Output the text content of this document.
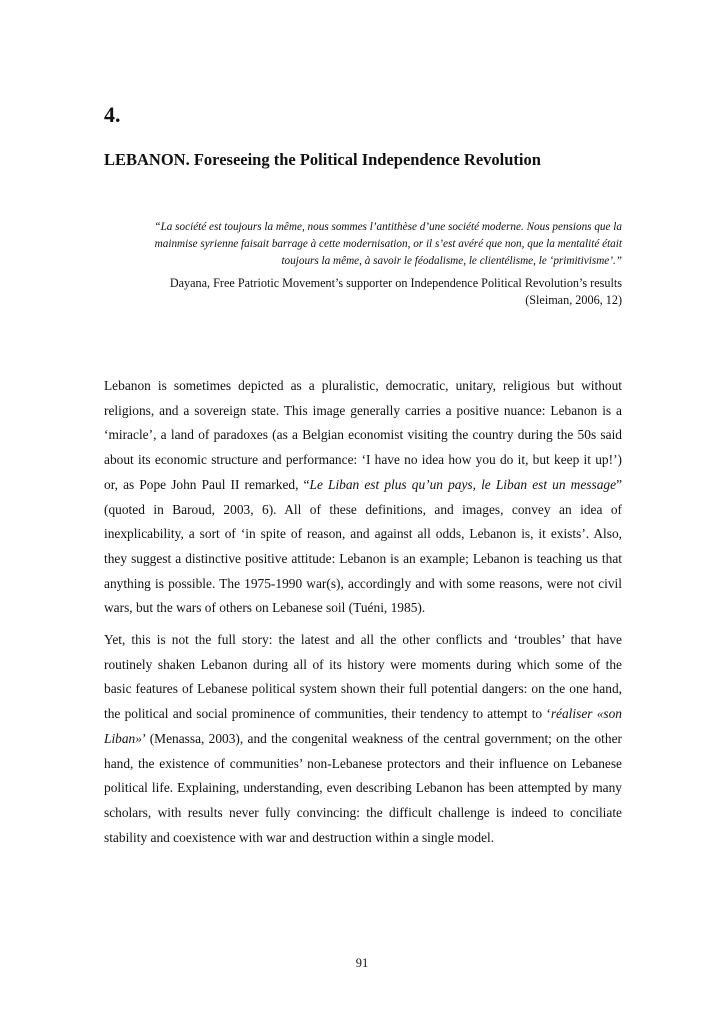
4.
LEBANON. Foreseeing the Political Independence Revolution

“La société est toujours la même, nous sommes l’antithèse d’une société moderne. Nous pensions que la mainmise syrienne faisait barrage à cette modernisation, or il s’est avéré que non, que la mentalité était toujours la même, à savoir le féodalisme, le clientélisme, le ‘primitivisme’.”

Dayana, Free Patriotic Movement’s supporter on Independence Political Revolution’s results
(Sleiman, 2006, 12)

Lebanon is sometimes depicted as a pluralistic, democratic, unitary, religious but without religions, and a sovereign state. This image generally carries a positive nuance: Lebanon is a ‘miracle’, a land of paradoxes (as a Belgian economist visiting the country during the 50s said about its economic structure and performance: ‘I have no idea how you do it, but keep it up!’) or, as Pope John Paul II remarked, “Le Liban est plus qu’un pays, le Liban est un message” (quoted in Baroud, 2003, 6). All of these definitions, and images, convey an idea of inexplicability, a sort of ‘in spite of reason, and against all odds, Lebanon is, it exists’. Also, they suggest a distinctive positive attitude: Lebanon is an example; Lebanon is teaching us that anything is possible. The 1975-1990 war(s), accordingly and with some reasons, were not civil wars, but the wars of others on Lebanese soil (Tuéni, 1985).

Yet, this is not the full story: the latest and all the other conflicts and ‘troubles’ that have routinely shaken Lebanon during all of its history were moments during which some of the basic features of Lebanese political system shown their full potential dangers: on the one hand, the political and social prominence of communities, their tendency to attempt to ‘réaliser «son Liban»’ (Menassa, 2003), and the congenital weakness of the central government; on the other hand, the existence of communities’ non-Lebanese protectors and their influence on Lebanese political life. Explaining, understanding, even describing Lebanon has been attempted by many scholars, with results never fully convincing: the difficult challenge is indeed to conciliate stability and coexistence with war and destruction within a single model.

91
